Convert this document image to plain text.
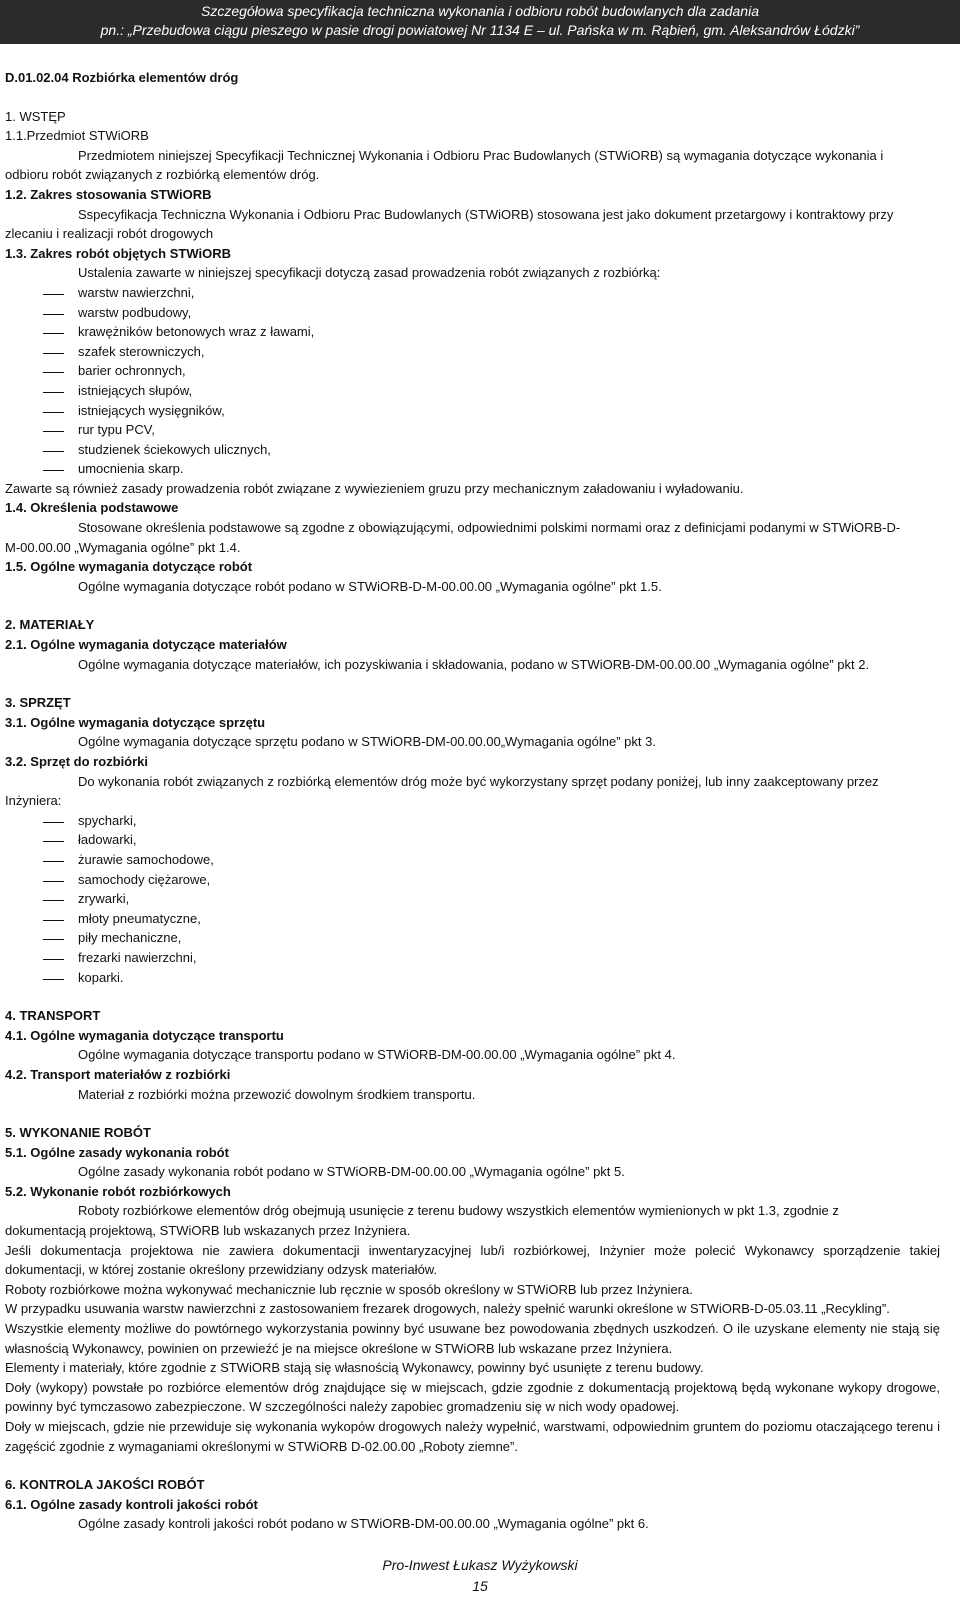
Szczegółowa specyfikacja techniczna wykonania i odbioru robót budowlanych dla zadania
pn.: „Przebudowa ciągu pieszego w pasie drogi powiatowej Nr 1134 E – ul. Pańska w m. Rąbień, gm. Aleksandrów Łódzki”

D.01.02.04 Rozbiórka elementów dróg

1. WSTĘP

1.1.Przedmiot STWiORB

Przedmiotem niniejszej Specyfikacji Technicznej Wykonania i Odbioru Prac Budowlanych (STWiORB) są wymagania dotyczące wykonania i

odbioru robót związanych z rozbiórką elementów dróg.

1.2. Zakres stosowania STWiORB

Sspecyfikacja Techniczna Wykonania i Odbioru Prac Budowlanych (STWiORB) stosowana jest jako dokument przetargowy i kontraktowy przy

zlecaniu i realizacji robót drogowych

1.3. Zakres robót objętych STWiORB

Ustalenia zawarte w niniejszej specyfikacji dotyczą zasad prowadzenia robót związanych z rozbiórką:

warstw nawierzchni,

warstw podbudowy,

krawężników betonowych wraz z ławami,

szafek sterowniczych,

barier ochronnych,

istniejących słupów,

istniejących wysięgników,

rur typu PCV,

studzienek ściekowych ulicznych,

umocnienia skarp.

Zawarte są również zasady prowadzenia robót związane z wywiezieniem gruzu przy mechanicznym załadowaniu i wyładowaniu.

1.4. Określenia podstawowe

Stosowane określenia podstawowe są zgodne z obowiązującymi, odpowiednimi polskimi normami oraz z definicjami podanymi w STWiORB-D-

M-00.00.00 „Wymagania ogólne” pkt 1.4.

1.5. Ogólne wymagania dotyczące robót

Ogólne wymagania dotyczące robót podano w STWiORB-D-M-00.00.00 „Wymagania ogólne” pkt 1.5.

2. MATERIAŁY

2.1. Ogólne wymagania dotyczące materiałów

Ogólne wymagania dotyczące materiałów, ich pozyskiwania i składowania, podano w STWiORB-DM-00.00.00 „Wymagania ogólne” pkt 2.

3. SPRZĘT

3.1. Ogólne wymagania dotyczące sprzętu

Ogólne wymagania dotyczące sprzętu podano w STWiORB-DM-00.00.00„Wymagania ogólne” pkt 3.

3.2. Sprzęt do rozbiórki

Do wykonania robót związanych z rozbiórką elementów dróg może być wykorzystany sprzęt podany poniżej, lub inny zaakceptowany przez

Inżyniera:

spycharki,

ładowarki,

żurawie samochodowe,

samochody ciężarowe,

zrywarki,

młoty pneumatyczne,

piły mechaniczne,

frezarki nawierzchni,

koparki.

4. TRANSPORT

4.1. Ogólne wymagania dotyczące transportu

Ogólne wymagania dotyczące transportu podano w STWiORB-DM-00.00.00 „Wymagania ogólne” pkt 4.

4.2. Transport materiałów z rozbiórki

Materiał z rozbiórki można przewozić dowolnym środkiem transportu.

5. WYKONANIE ROBÓT

5.1. Ogólne zasady wykonania robót

Ogólne zasady wykonania robót podano w STWiORB-DM-00.00.00 „Wymagania ogólne” pkt 5.

5.2. Wykonanie robót rozbiórkowych

Roboty rozbiórkowe elementów dróg obejmują usunięcie z terenu budowy wszystkich elementów wymienionych w pkt 1.3, zgodnie z

dokumentacją projektową, STWiORB lub wskazanych przez Inżyniera.

Jeśli dokumentacja projektowa nie zawiera dokumentacji inwentaryzacyjnej lub/i rozbiórkowej, Inżynier może polecić Wykonawcy sporządzenie takiej dokumentacji, w której zostanie określony przewidziany odzysk materiałów.

Roboty rozbiórkowe można wykonywać mechanicznie lub ręcznie w sposób określony w STWiORB lub przez Inżyniera.

W przypadku usuwania warstw nawierzchni z zastosowaniem frezarek drogowych, należy spełnić warunki określone w STWiORB-D-05.03.11 „Recykling”.

Wszystkie elementy możliwe do powtórnego wykorzystania powinny być usuwane bez powodowania zbędnych uszkodzeń. O ile uzyskane elementy nie stają się własnością Wykonawcy, powinien on przewieźć je na miejsce określone w STWiORB lub wskazane przez Inżyniera.

Elementy i materiały, które zgodnie z STWiORB stają się własnością Wykonawcy, powinny być usunięte z terenu budowy.

Doły (wykopy) powstałe po rozbiórce elementów dróg znajdujące się w miejscach, gdzie zgodnie z dokumentacją projektową będą wykonane wykopy drogowe, powinny być tymczasowo zabezpieczone. W szczególności należy zapobiec gromadzeniu się w nich wody opadowej.

Doły w miejscach, gdzie nie przewiduje się wykonania wykopów drogowych należy wypełnić, warstwami, odpowiednim gruntem do poziomu otaczającego terenu i zagęścić zgodnie z wymaganiami określonymi w STWiORB D-02.00.00 „Roboty ziemne”.

6. KONTROLA JAKOŚCI ROBÓT

6.1. Ogólne zasady kontroli jakości robót

Ogólne zasady kontroli jakości robót podano w STWiORB-DM-00.00.00 „Wymagania ogólne” pkt 6.

Pro-Inwest Łukasz Wyżykowski
15
